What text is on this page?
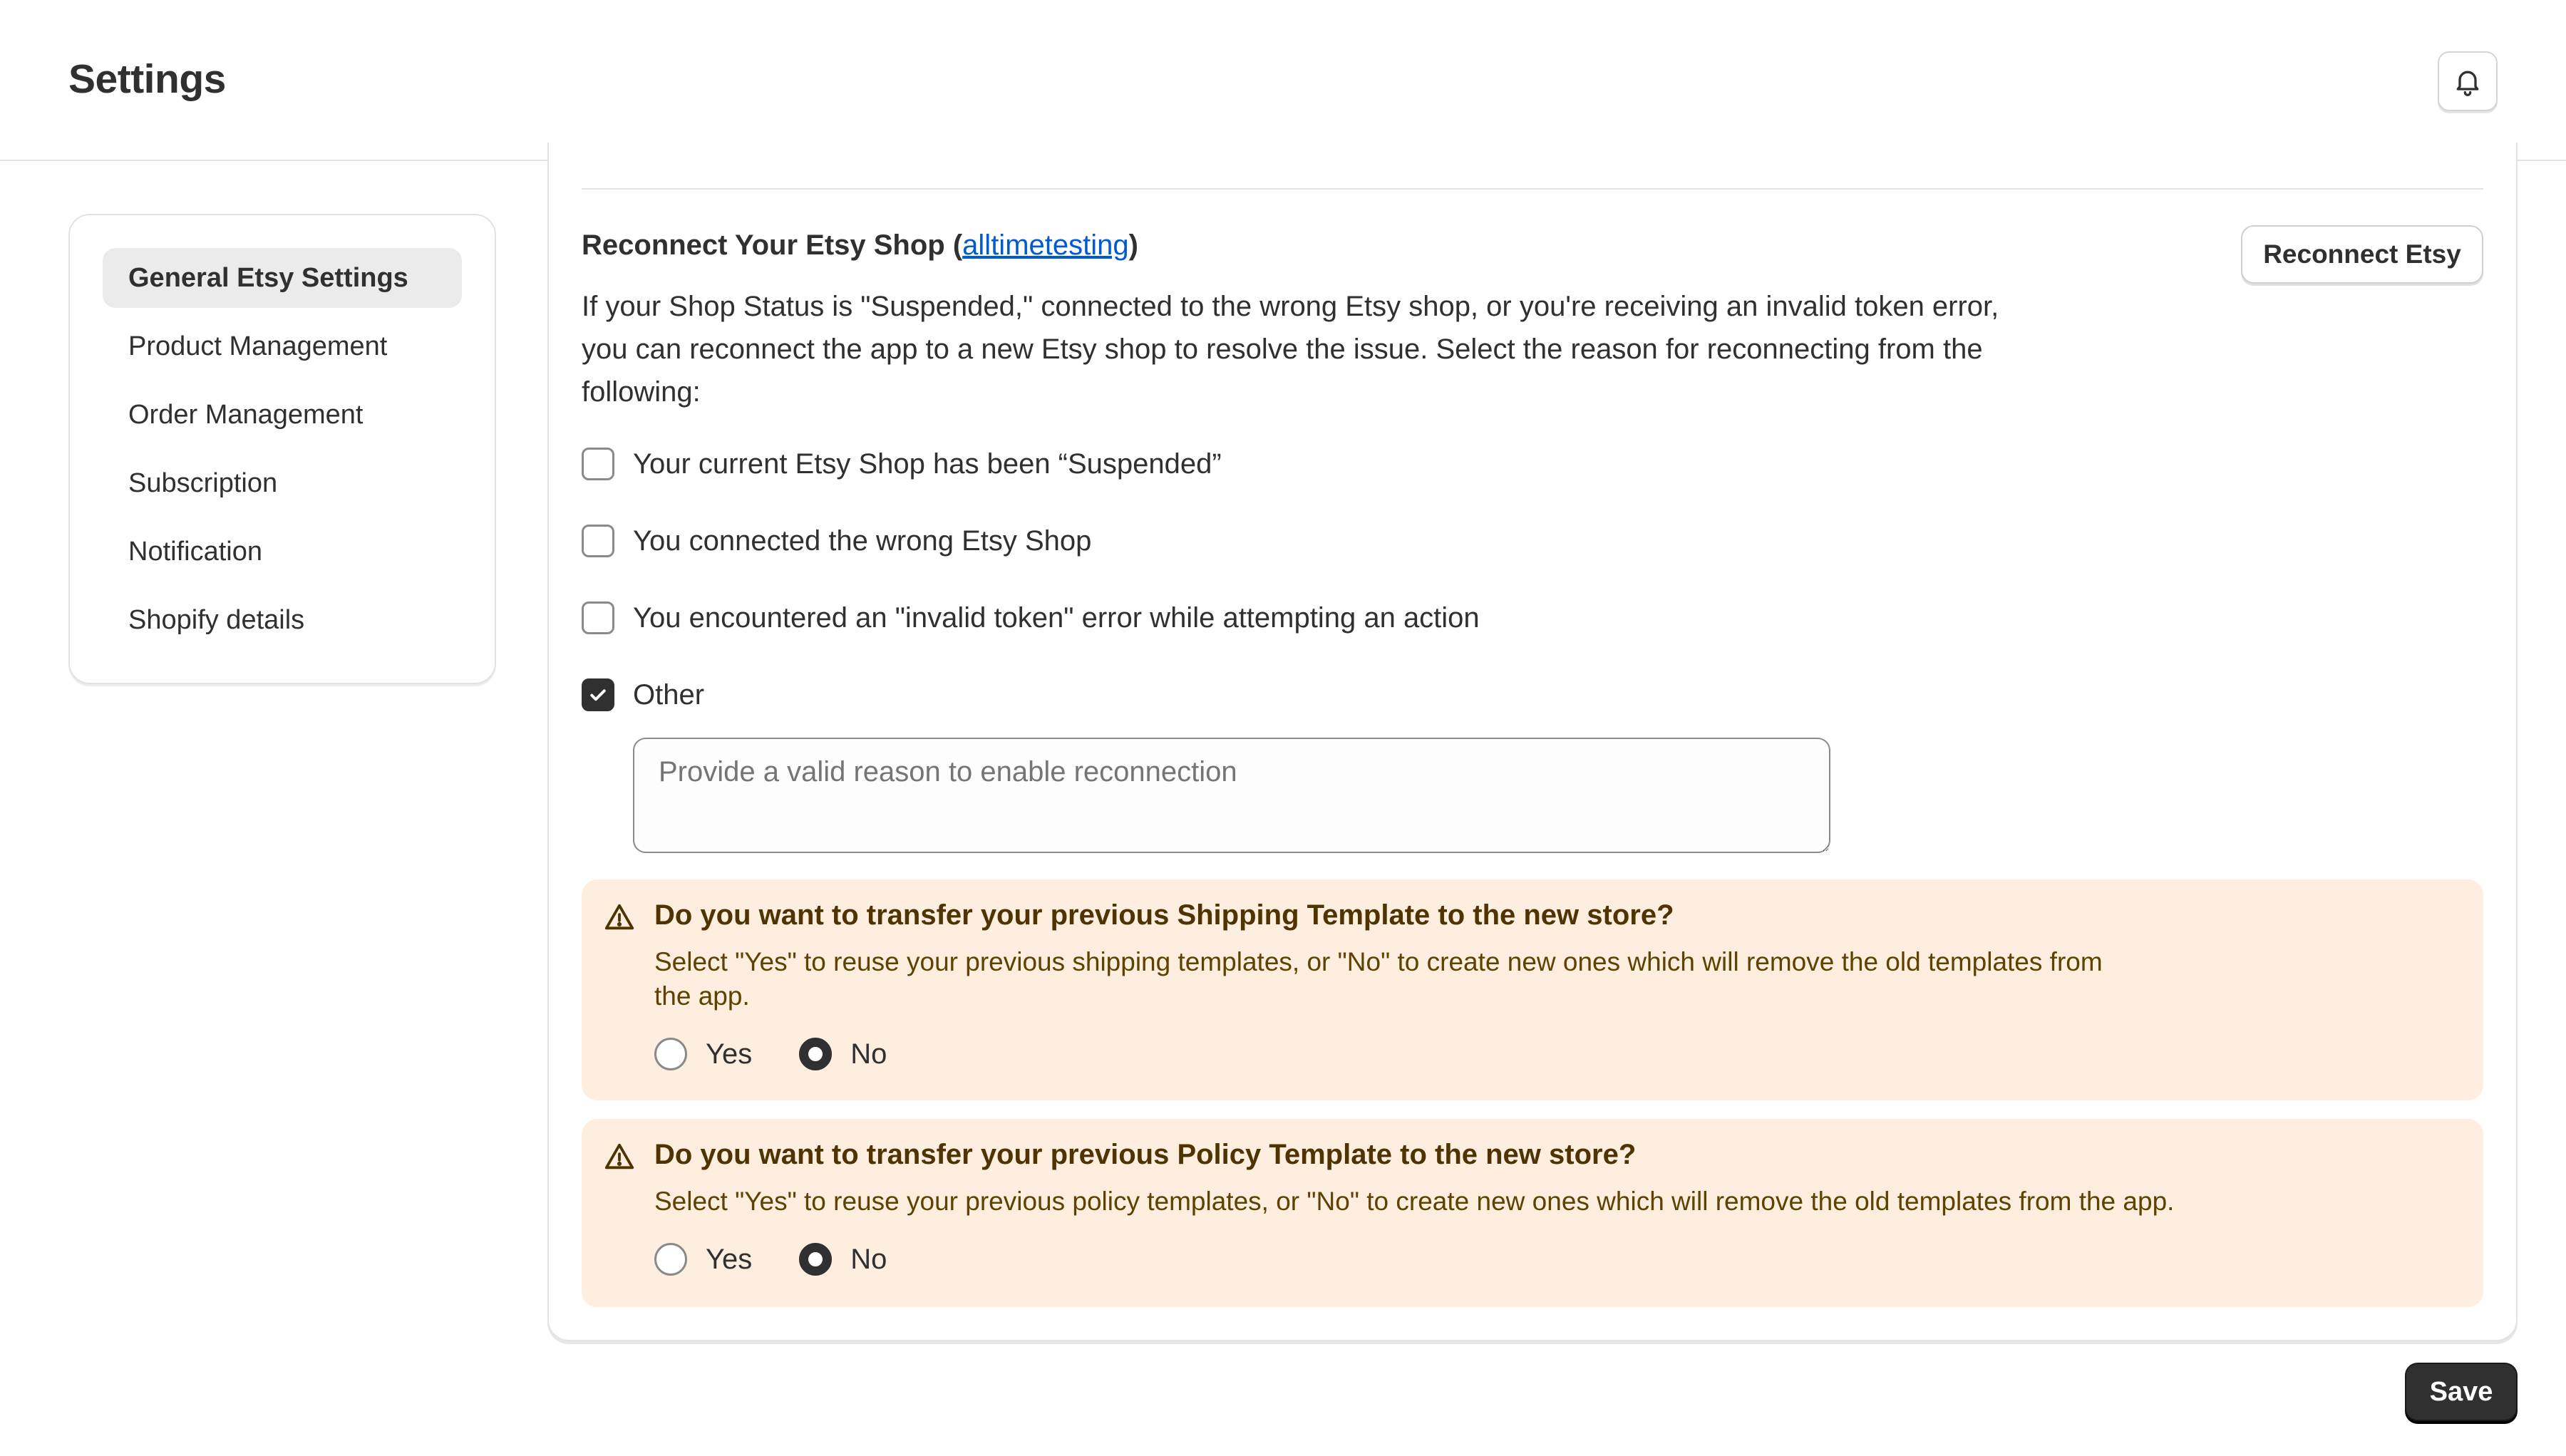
Settings
General Etsy Settings
Product Management
Order Management
Subscription
Notification
Shopify details
Reconnect Your Etsy Shop (alltimetesting)	Reconnect Etsy
If your Shop Status is "Suspended," connected to the wrong Etsy shop, or you're receiving an invalid token error, you can reconnect the app to a new Etsy shop to resolve the issue. Select the reason for reconnecting from the following:
Your current Etsy Shop has been “Suspended”
You connected the wrong Etsy Shop
You encountered an "invalid token" error while attempting an action
Other
Provide a valid reason to enable reconnection
Do you want to transfer your previous Shipping Template to the new store?
Select "Yes" to reuse your previous shipping templates, or "No" to create new ones which will remove the old templates from
the app.
Yes	No
Do you want to transfer your previous Policy Template to the new store?
Select "Yes" to reuse your previous policy templates, or "No" to create new ones which will remove the old templates from the app.
Yes	No
Save
